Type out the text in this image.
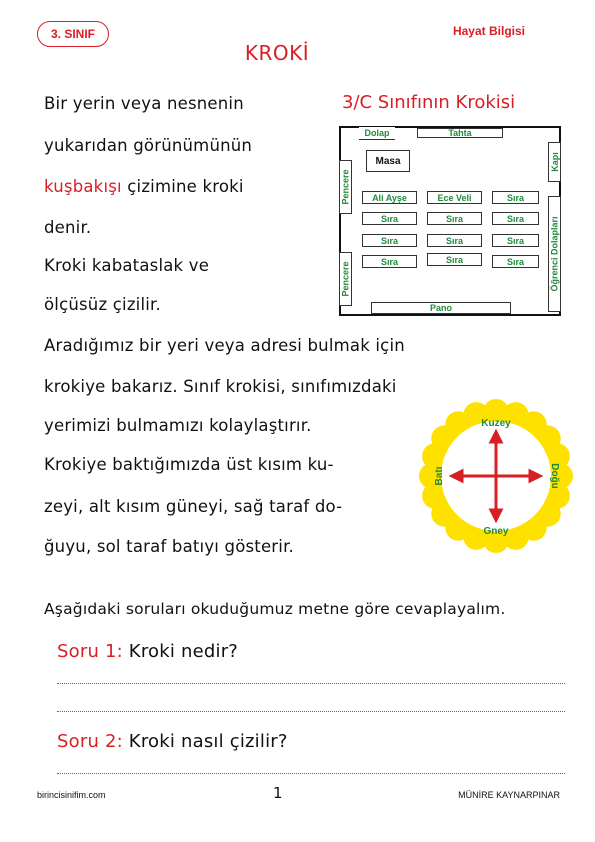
3. SINIF	Hayat Bilgisi
KROKİ
Bir yerin veya nesnenin
yukarıdan görünümünün
kuşbakışı çizimine kroki
denir.
Kroki kabataslak ve
ölçüsüz çizilir.
Aradığımız bir yeri veya adresi bulmak için
krokiye bakarız. Sınıf krokisi, sınıfımızdaki
yerimizi bulmamızı kolaylaştırır.
Krokiye baktığımızda üst kısım ku-
zeyi, alt kısım güneyi, sağ taraf do-
ğuyu, sol taraf batıyı gösterir.
3/C Sınıfının Krokisi
Dolap	Tahta
Masa	Kapı
Pencere
Pencere	Öğrenci Dolapları
Pano
Ali Ayşe	Ece Veli	Sıra
Sıra	Sıra	Sıra
Sıra	Sıra	Sıra
Sıra	Sıra	Sıra
Kuzey
Gney
Doğu
Batı
Aşağıdaki soruları okuduğumuz metne göre cevaplayalım.
Soru 1: Kroki nedir?
Soru 2: Kroki nasıl çizilir?
birincisinifim.com	1	MÜNİRE KAYNARPINAR
